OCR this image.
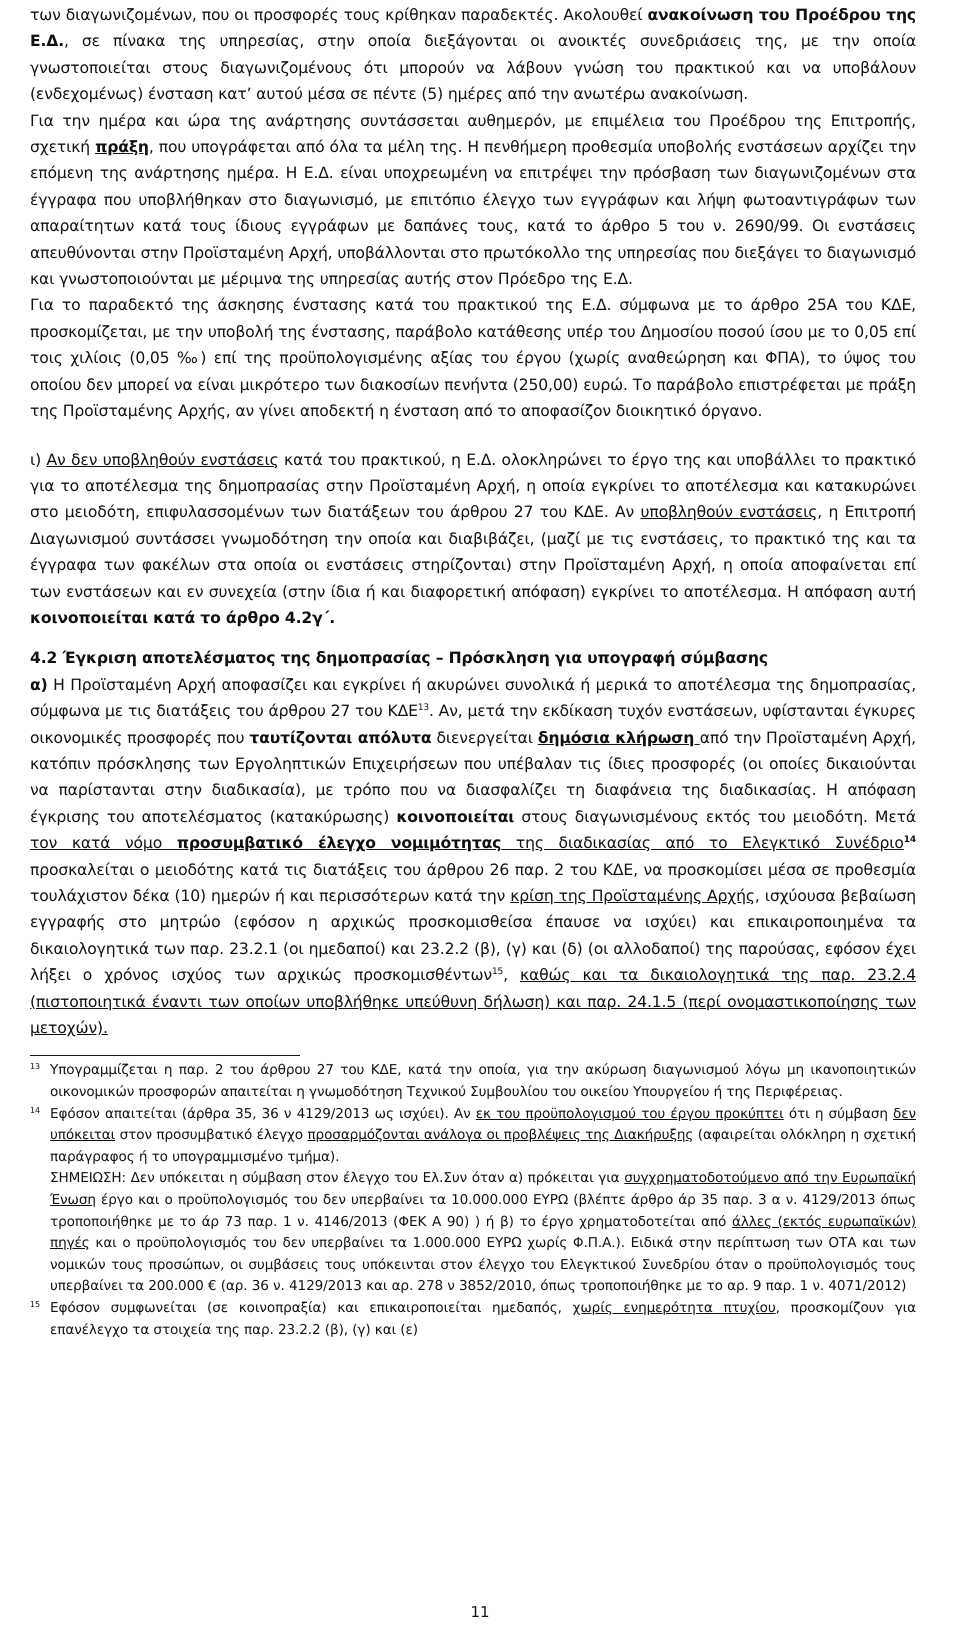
των διαγωνιζομένων, που οι προσφορές τους κρίθηκαν παραδεκτές. Ακολουθεί ανακοίνωση του Προέδρου της Ε.Δ., σε πίνακα της υπηρεσίας, στην οποία διεξάγονται οι ανοικτές συνεδριάσεις της, με την οποία γνωστοποιείται στους διαγωνιζομένους ότι μπορούν να λάβουν γνώση του πρακτικού και να υποβάλουν (ενδεχομένως) ένσταση κατ’ αυτού μέσα σε πέντε (5) ημέρες από την ανωτέρω ανακοίνωση.

Για την ημέρα και ώρα της ανάρτησης συντάσσεται αυθημερόν, με επιμέλεια του Προέδρου της Επιτροπής, σχετική πράξη, που υπογράφεται από όλα τα μέλη της. Η πενθήμερη προθεσμία υποβολής ενστάσεων αρχίζει την επόμενη της ανάρτησης ημέρα. Η Ε.Δ. είναι υποχρεωμένη να επιτρέψει την πρόσβαση των διαγωνιζομένων στα έγγραφα που υποβλήθηκαν στο διαγωνισμό, με επιτόπιο έλεγχο των εγγράφων και λήψη φωτοαντιγράφων των απαραίτητων κατά τους ίδιους εγγράφων με δαπάνες τους, κατά το άρθρο 5 του ν. 2690/99. Οι ενστάσεις απευθύνονται στην Προϊσταμένη Αρχή, υποβάλλονται στο πρωτόκολλο της υπηρεσίας που διεξάγει το διαγωνισμό και γνωστοποιούνται με μέριμνα της υπηρεσίας αυτής στον Πρόεδρο της Ε.Δ.

Για το παραδεκτό της άσκησης ένστασης κατά του πρακτικού της Ε.Δ. σύμφωνα με το άρθρο 25Α του ΚΔΕ, προσκομίζεται, με την υποβολή της ένστασης, παράβολο κατάθεσης υπέρ του Δημοσίου ποσού ίσου με το 0,05 επί τοις χιλίοις (0,05 ‰) επί της προϋπολογισμένης αξίας του έργου (χωρίς αναθεώρηση και ΦΠΑ), το ύψος του οποίου δεν μπορεί να είναι μικρότερο των διακοσίων πενήντα (250,00) ευρώ. Το παράβολο επιστρέφεται με πράξη της Προϊσταμένης Αρχής, αν γίνει αποδεκτή η ένσταση από το αποφασίζον διοικητικό όργανο.

ι) Αν δεν υποβληθούν ενστάσεις κατά του πρακτικού, η Ε.Δ. ολοκληρώνει το έργο της και υποβάλλει το πρακτικό για το αποτέλεσμα της δημοπρασίας στην Προϊσταμένη Αρχή, η οποία εγκρίνει το αποτέλεσμα και κατακυρώνει στο μειοδότη, επιφυλασσομένων των διατάξεων του άρθρου 27 του ΚΔΕ. Αν υποβληθούν ενστάσεις, η Επιτροπή Διαγωνισμού συντάσσει γνωμοδότηση την οποία και διαβιβάζει, (μαζί με τις ενστάσεις, το πρακτικό της και τα έγγραφα των φακέλων στα οποία οι ενστάσεις στηρίζονται) στην Προϊσταμένη Αρχή, η οποία αποφαίνεται επί των ενστάσεων και εν συνεχεία (στην ίδια ή και διαφορετική απόφαση) εγκρίνει το αποτέλεσμα. Η απόφαση αυτή κοινοποιείται κατά το άρθρο 4.2γ΄.

4.2 Έγκριση αποτελέσματος της δημοπρασίας – Πρόσκληση για υπογραφή σύμβασης

α) Η Προϊσταμένη Αρχή αποφασίζει και εγκρίνει ή ακυρώνει συνολικά ή μερικά το αποτέλεσμα της δημοπρασίας, σύμφωνα με τις διατάξεις του άρθρου 27 του ΚΔΕ$^{13}$. Αν, μετά την εκδίκαση τυχόν ενστάσεων, υφίστανται έγκυρες οικονομικές προσφορές που ταυτίζονται απόλυτα διενεργείται δημόσια κλήρωση από την Προϊσταμένη Αρχή, κατόπιν πρόσκλησης των Εργοληπτικών Επιχειρήσεων που υπέβαλαν τις ίδιες προσφορές (οι οποίες δικαιούνται να παρίστανται στην διαδικασία), με τρόπο που να διασφαλίζει τη διαφάνεια της διαδικασίας. Η απόφαση έγκρισης του αποτελέσματος (κατακύρωσης) κοινοποιείται στους διαγωνισμένους εκτός του μειοδότη. Μετά τον κατά νόμο προσυμβατικό έλεγχο νομιμότητας της διαδικασίας από το Ελεγκτικό Συνέδριο$^{14}$ προσκαλείται ο μειοδότης κατά τις διατάξεις του άρθρου 26 παρ. 2 του ΚΔΕ, να προσκομίσει μέσα σε προθεσμία τουλάχιστον δέκα (10) ημερών ή και περισσότερων κατά την κρίση της Προϊσταμένης Αρχής, ισχύουσα βεβαίωση εγγραφής στο μητρώο (εφόσον η αρχικώς προσκομισθείσα έπαυσε να ισχύει) και επικαιροποιημένα τα δικαιολογητικά των παρ. 23.2.1 (οι ημεδαποί) και 23.2.2 (β), (γ) και (δ) (οι αλλοδαποί) της παρούσας, εφόσον έχει λήξει ο χρόνος ισχύος των αρχικώς προσκομισθέντων$^{15}$, καθώς και τα δικαιολογητικά της παρ. 23.2.4 (πιστοποιητικά έναντι των οποίων υποβλήθηκε υπεύθυνη δήλωση) και παρ. 24.1.5 (περί ονομαστικοποίησης των μετοχών).

13 Υπογραμμίζεται η παρ. 2 του άρθρου 27 του ΚΔΕ, κατά την οποία, για την ακύρωση διαγωνισμού λόγω μη ικανοποιητικών οικονομικών προσφορών απαιτείται η γνωμοδότηση Τεχνικού Συμβουλίου του οικείου Υπουργείου ή της Περιφέρειας.
14 Εφόσον απαιτείται (άρθρα 35, 36 ν 4129/2013 ως ισχύει). Αν εκ του προϋπολογισμού του έργου προκύπτει ότι η σύμβαση δεν υπόκειται στον προσυμβατικό έλεγχο προσαρμόζονται ανάλογα οι προβλέψεις της Διακήρυξης (αφαιρείται ολόκληρη η σχετική παράγραφος ή το υπογραμμισμένο τμήμα).
ΣΗΜΕΙΩΣΗ: Δεν υπόκειται η σύμβαση στον έλεγχο του Ελ.Συν όταν α) πρόκειται για συγχρηματοδοτούμενο από την Ευρωπαϊκή Ένωση έργο και ο προϋπολογισμός του δεν υπερβαίνει τα 10.000.000 ΕΥΡΩ (βλέπτε άρθρο άρ 35 παρ. 3 α ν. 4129/2013 όπως τροποποιήθηκε με το άρ 73 παρ. 1 ν. 4146/2013 (ΦΕΚ Α 90) ) ή β) το έργο χρηματοδοτείται από άλλες (εκτός ευρωπαϊκών) πηγές και ο προϋπολογισμός του δεν υπερβαίνει τα 1.000.000 ΕΥΡΩ χωρίς Φ.Π.Α.). Ειδικά στην περίπτωση των ΟΤΑ και των νομικών τους προσώπων, οι συμβάσεις τους υπόκεινται στον έλεγχο του Ελεγκτικού Συνεδρίου όταν ο προϋπολογισμός τους υπερβαίνει τα 200.000 € (αρ. 36 ν. 4129/2013 και αρ. 278 ν 3852/2010, όπως τροποποιήθηκε με το αρ. 9 παρ. 1 ν. 4071/2012)
15 Εφόσον συμφωνείται (σε κοινοπραξία) και επικαιροποιείται ημεδαπός, χωρίς ενημερότητα πτυχίου, προσκομίζουν για επανέλεγχο τα στοιχεία της παρ. 23.2.2 (β), (γ) και (ε)
11
